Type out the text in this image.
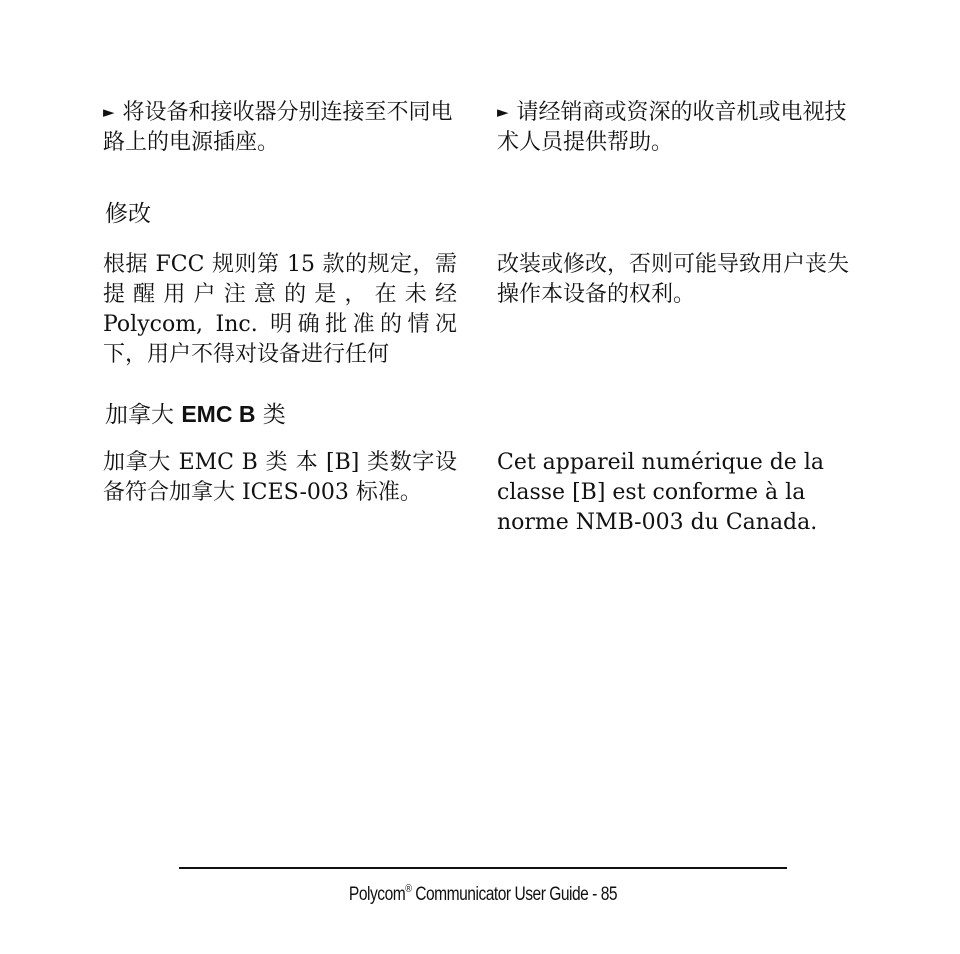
► 将设备和接收器分别连接至不同电路上的电源插座。

► 请经销商或资深的收音机或电视技术人员提供帮助。

修改

根据 FCC 规则第 15 款的规定，需提醒用户注意的是，在未经 Polycom, Inc. 明确批准的情况下，用户不得对设备进行任何

改装或修改，否则可能导致用户丧失操作本设备的权利。

加拿大 EMC B 类

加拿大 EMC B 类 本 [B] 类数字设备符合加拿大 ICES-003 标准。

Cet appareil numérique de la classe [B] est conforme à la norme NMB-003 du Canada.

Polycom® Communicator User Guide - 85
